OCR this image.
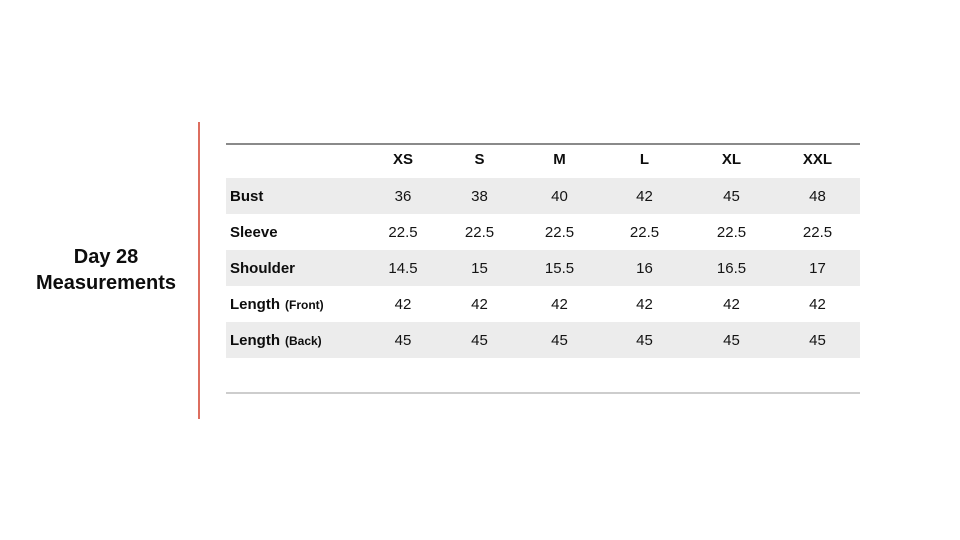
Day 28
Measurements
	XS	S	M	L	XL	XXL
Bust	36	38	40	42	45	48
Sleeve	22.5	22.5	22.5	22.5	22.5	22.5
Shoulder	14.5	15	15.5	16	16.5	17
Length (Front)	42	42	42	42	42	42
Length (Back)	45	45	45	45	45	45
